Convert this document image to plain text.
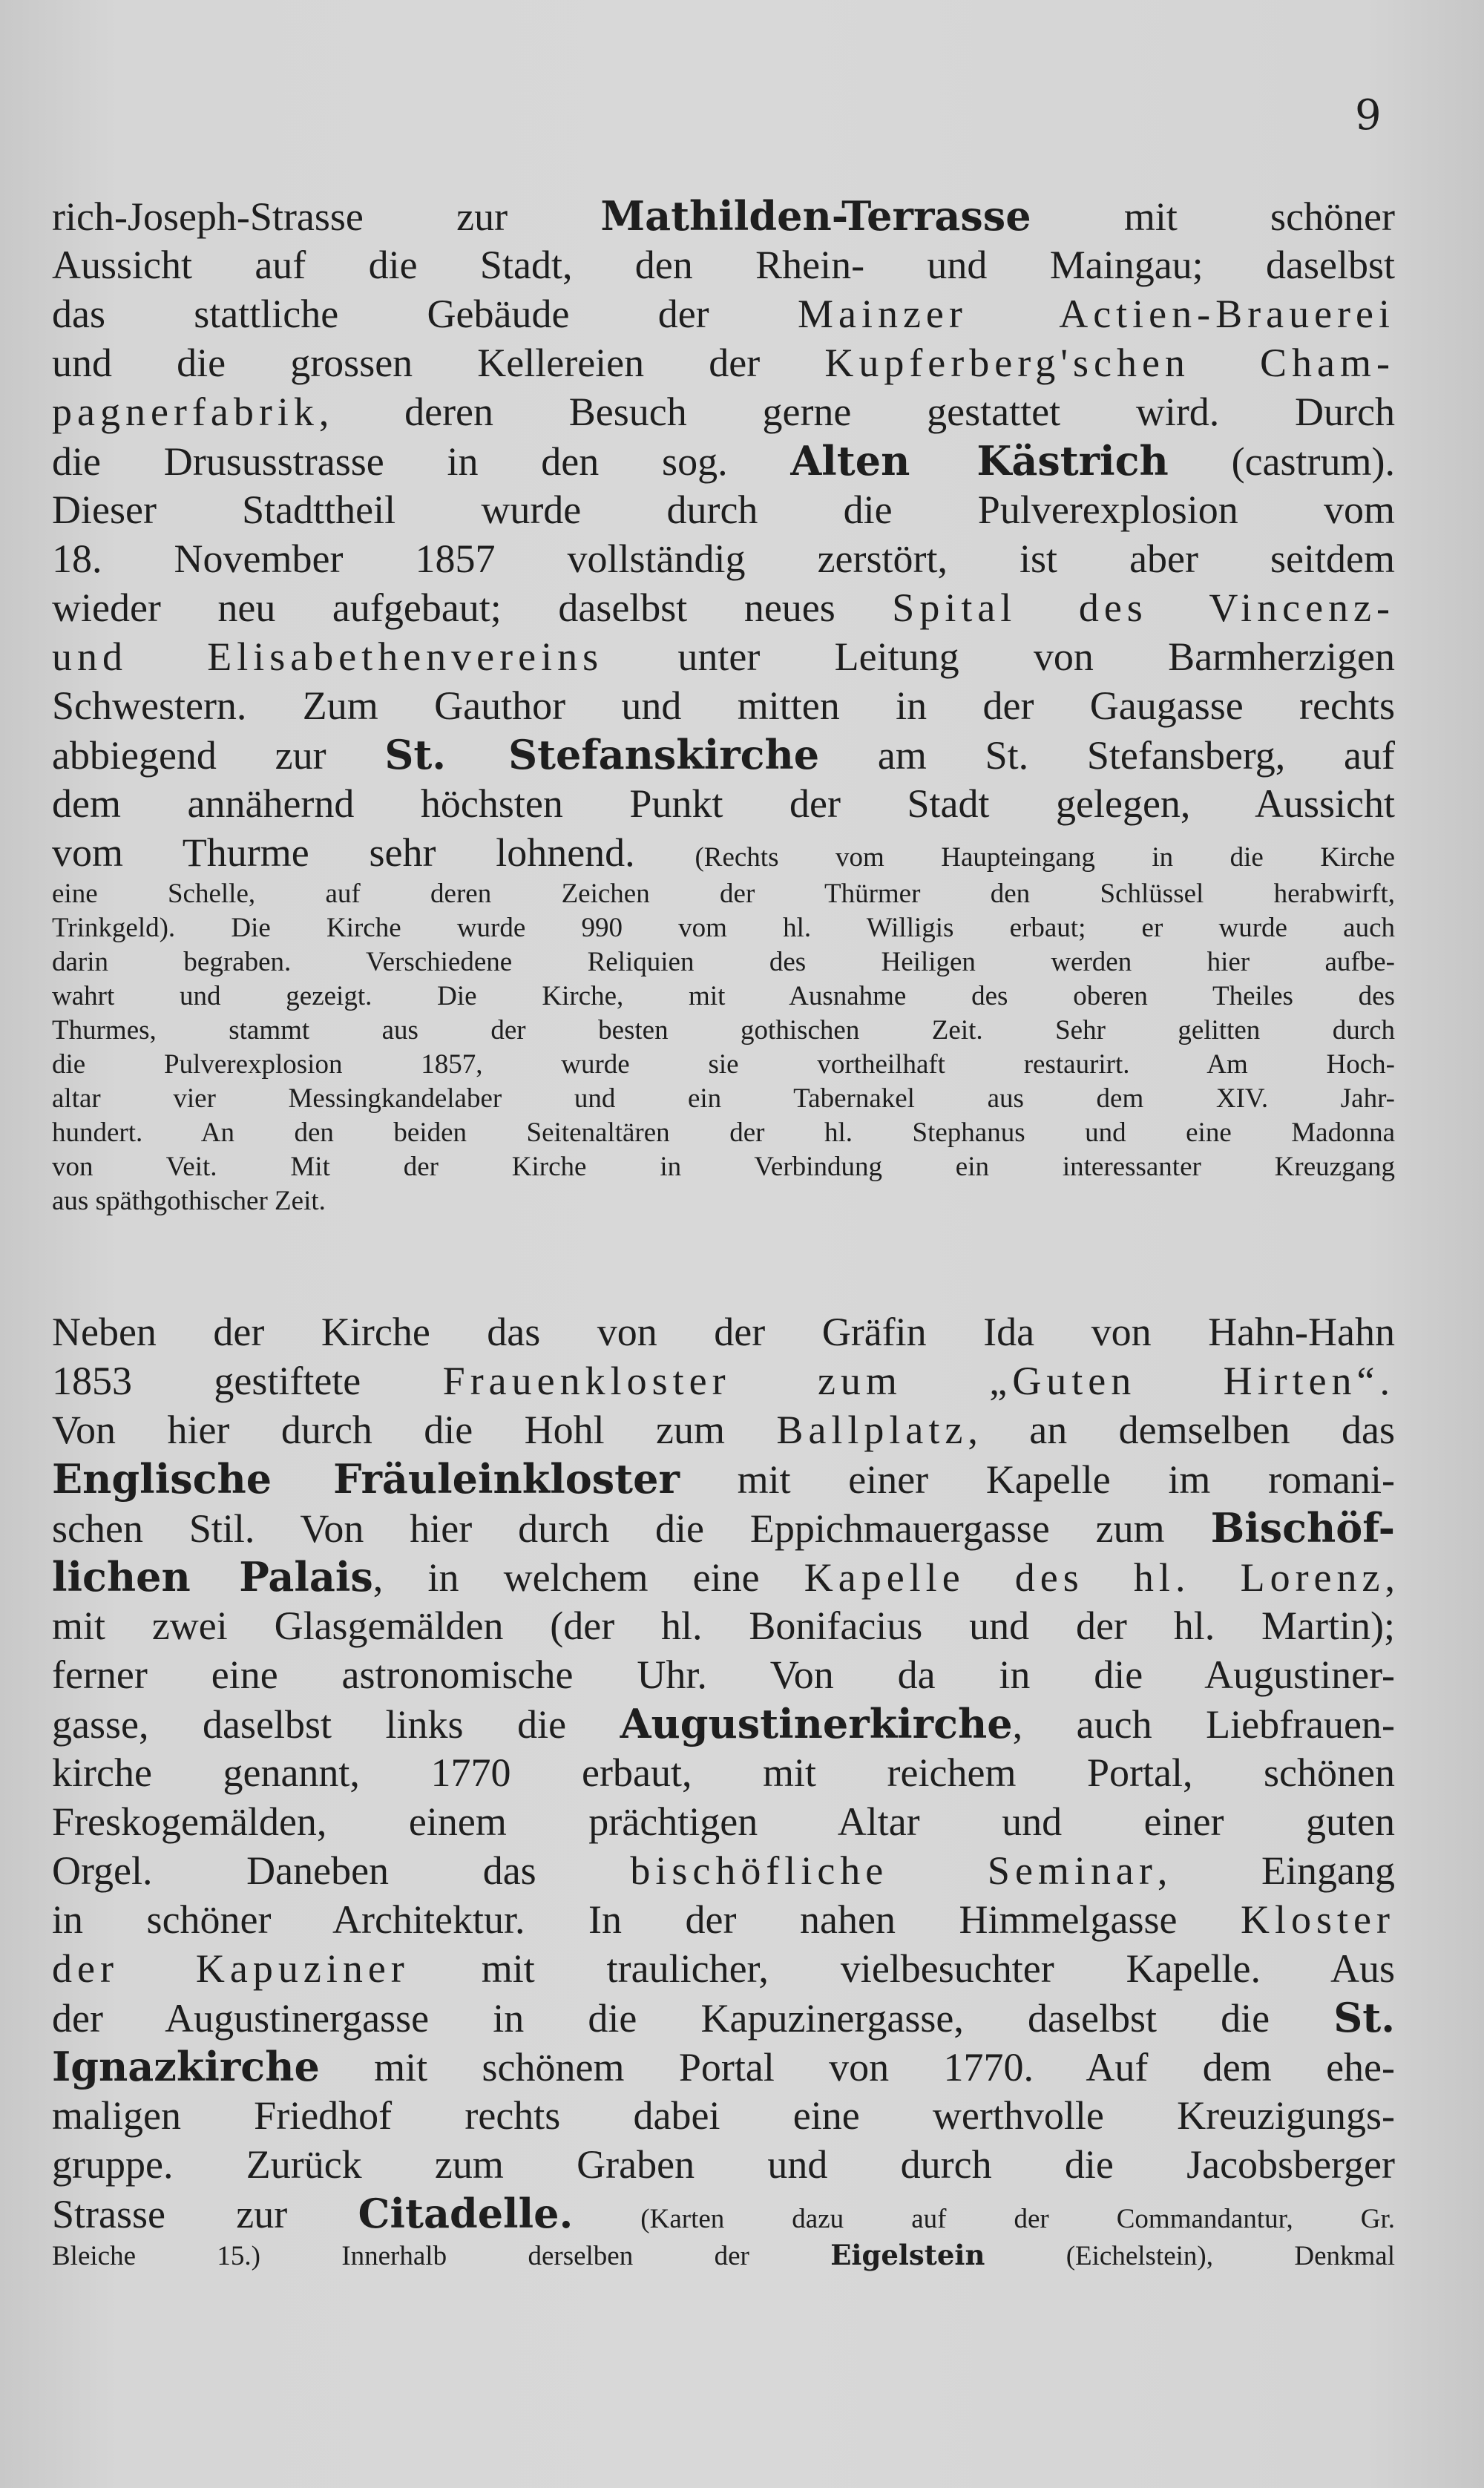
9
rich-Joseph-Strasse zur Mathilden-Terrasse mit schöner
Aussicht auf die Stadt, den Rhein- und Maingau; daselbst
das stattliche Gebäude der Mainzer Actien-Brauerei
und die grossen Kellereien der Kupferberg'schen Cham-
pagnerfabrik, deren Besuch gerne gestattet wird. Durch
die Drususstrasse in den sog. Alten Kästrich (castrum).
Dieser Stadttheil wurde durch die Pulverexplosion vom
18. November 1857 vollständig zerstört, ist aber seitdem
wieder neu aufgebaut; daselbst neues Spital des Vincenz-
und Elisabethenvereins unter Leitung von Barmherzigen
Schwestern. Zum Gauthor und mitten in der Gaugasse rechts
abbiegend zur St. Stefanskirche am St. Stefansberg, auf
dem annähernd höchsten Punkt der Stadt gelegen, Aussicht
vom Thurme sehr lohnend. (Rechts vom Haupteingang in die Kirche
eine Schelle, auf deren Zeichen der Thürmer den Schlüssel herabwirft,
Trinkgeld). Die Kirche wurde 990 vom hl. Willigis erbaut; er wurde auch
darin begraben. Verschiedene Reliquien des Heiligen werden hier aufbe-
wahrt und gezeigt. Die Kirche, mit Ausnahme des oberen Theiles des
Thurmes, stammt aus der besten gothischen Zeit. Sehr gelitten durch
die Pulverexplosion 1857, wurde sie vortheilhaft restaurirt. Am Hoch-
altar vier Messingkandelaber und ein Tabernakel aus dem XIV. Jahr-
hundert. An den beiden Seitenaltären der hl. Stephanus und eine Madonna
von Veit. Mit der Kirche in Verbindung ein interessanter Kreuzgang
aus späthgothischer Zeit.
Neben der Kirche das von der Gräfin Ida von Hahn-Hahn
1853 gestiftete Frauenkloster zum „Guten Hirten“.
Von hier durch die Hohl zum Ballplatz, an demselben das
Englische Fräuleinkloster mit einer Kapelle im romani-
schen Stil. Von hier durch die Eppichmauergasse zum Bischöf-
lichen Palais, in welchem eine Kapelle des hl. Lorenz,
mit zwei Glasgemälden (der hl. Bonifacius und der hl. Martin);
ferner eine astronomische Uhr. Von da in die Augustiner-
gasse, daselbst links die Augustinerkirche, auch Liebfrauen-
kirche genannt, 1770 erbaut, mit reichem Portal, schönen
Freskogemälden, einem prächtigen Altar und einer guten
Orgel. Daneben das bischöfliche Seminar, Eingang
in schöner Architektur. In der nahen Himmelgasse Kloster
der Kapuziner mit traulicher, vielbesuchter Kapelle. Aus
der Augustinergasse in die Kapuzinergasse, daselbst die St.
Ignazkirche mit schönem Portal von 1770. Auf dem ehe-
maligen Friedhof rechts dabei eine werthvolle Kreuzigungs-
gruppe. Zurück zum Graben und durch die Jacobsberger
Strasse zur Citadelle. (Karten dazu auf der Commandantur, Gr.
Bleiche 15.) Innerhalb derselben der Eigelstein (Eichelstein), Denkmal
